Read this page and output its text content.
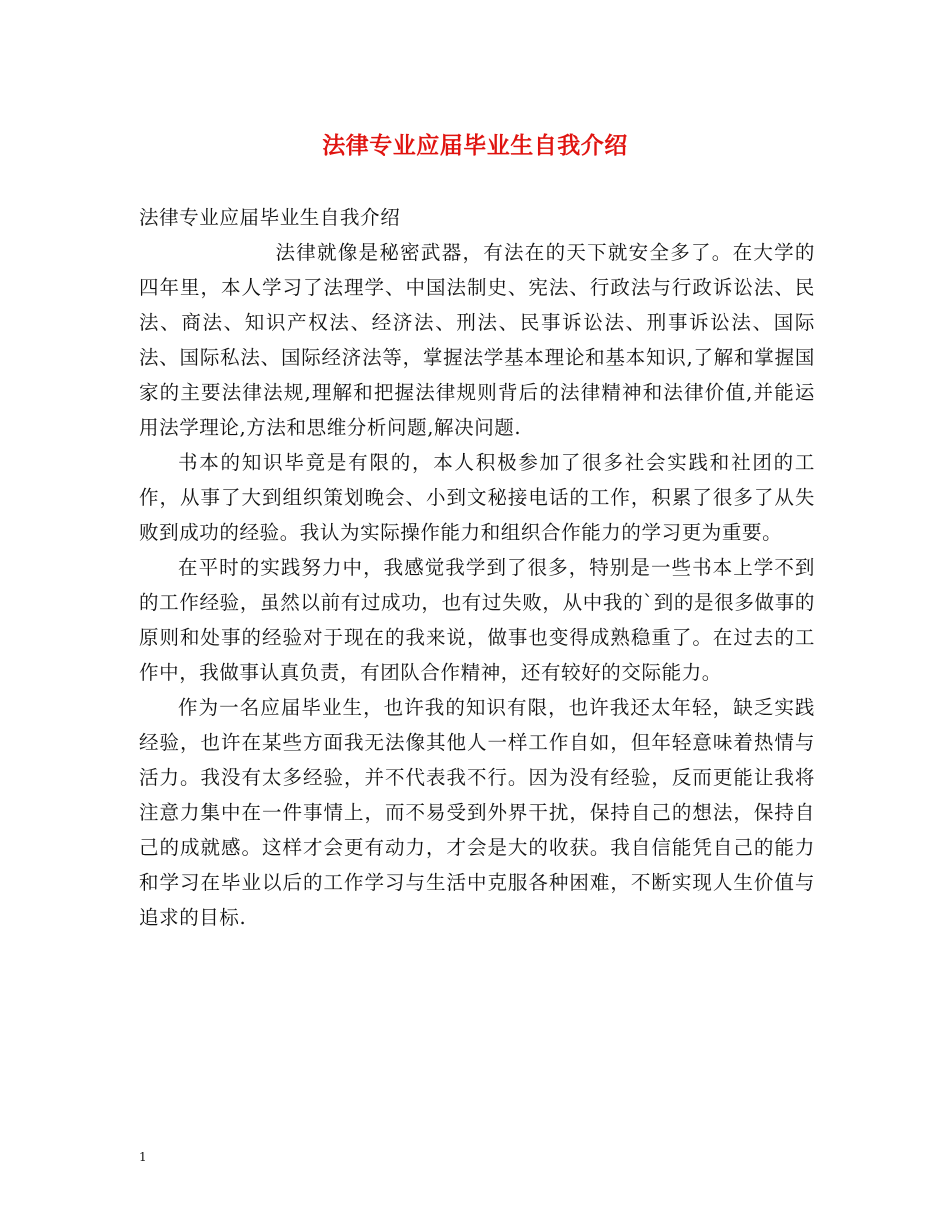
法律专业应届毕业生自我介绍

法律专业应届毕业生自我介绍

法律就像是秘密武器，有法在的天下就安全多了。在大学的四年里，本人学习了法理学、中国法制史、宪法、行政法与行政诉讼法、民法、商法、知识产权法、经济法、刑法、民事诉讼法、刑事诉讼法、国际法、国际私法、国际经济法等，掌握法学基本理论和基本知识,了解和掌握国家的主要法律法规,理解和把握法律规则背后的法律精神和法律价值,并能运用法学理论,方法和思维分析问题,解决问题.

书本的知识毕竟是有限的，本人积极参加了很多社会实践和社团的工作，从事了大到组织策划晚会、小到文秘接电话的工作，积累了很多了从失败到成功的经验。我认为实际操作能力和组织合作能力的学习更为重要。

在平时的实践努力中，我感觉我学到了很多，特别是一些书本上学不到的工作经验，虽然以前有过成功，也有过失败，从中我的`到的是很多做事的原则和处事的经验对于现在的我来说，做事也变得成熟稳重了。在过去的工作中，我做事认真负责，有团队合作精神，还有较好的交际能力。

作为一名应届毕业生，也许我的知识有限，也许我还太年轻，缺乏实践经验，也许在某些方面我无法像其他人一样工作自如，但年轻意味着热情与活力。我没有太多经验，并不代表我不行。因为没有经验，反而更能让我将注意力集中在一件事情上，而不易受到外界干扰，保持自己的想法，保持自己的成就感。这样才会更有动力，才会是大的收获。我自信能凭自己的能力和学习在毕业以后的工作学习与生活中克服各种困难，不断实现人生价值与追求的目标.

1
